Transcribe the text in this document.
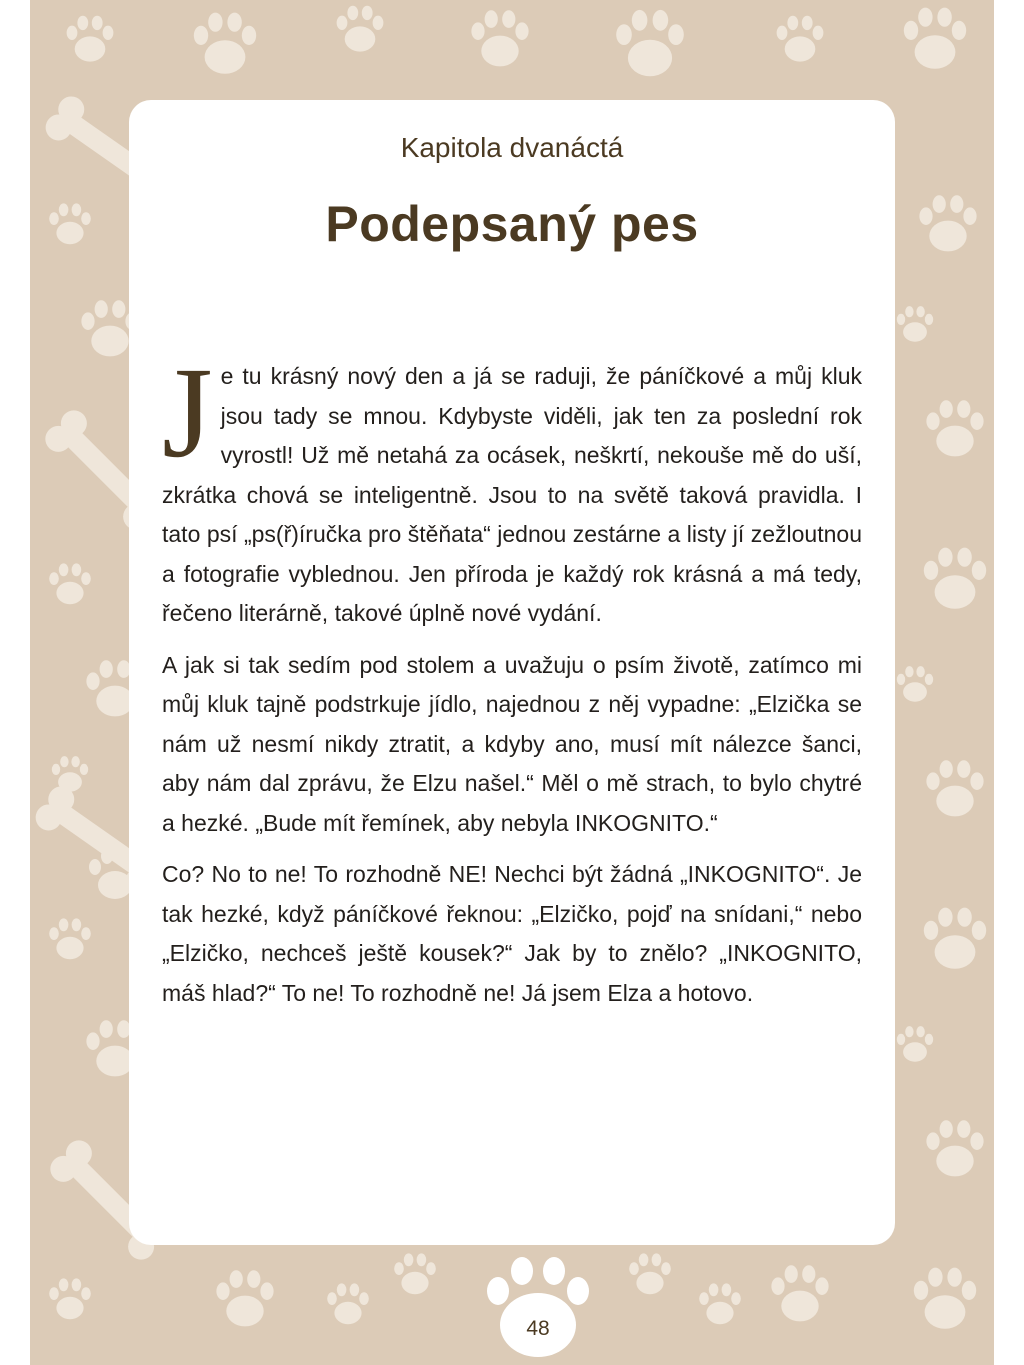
48
Kapitola dvanáctá
Podepsaný pes

Je tu krásný nový den a já se raduji, že páníčkové a můj kluk jsou tady se mnou. Kdybyste viděli, jak ten za poslední rok vyrostl! Už mě netahá za ocásek, neškrtí, nekouše mě do uší, zkrátka chová se inteligentně. Jsou to na světě taková pravidla. I tato psí „ps(ř)íručka pro štěňata“ jednou zestárne a listy jí zežloutnou a fotografie vyblednou. Jen příroda je každý rok krásná a má tedy, řečeno literárně, takové úplně nové vydání.

A jak si tak sedím pod stolem a uvažuju o psím životě, zatímco mi můj kluk tajně podstrkuje jídlo, najednou z něj vypadne: „Elzička se nám už nesmí nikdy ztratit, a kdyby ano, musí mít nálezce šanci, aby nám dal zprávu, že Elzu našel.“ Měl o mě strach, to bylo chytré a hezké. „Bude mít řemínek, aby nebyla INKOGNITO.“

Co? No to ne! To rozhodně NE! Nechci být žádná „INKOGNITO“. Je tak hezké, když páníčkové řeknou: „Elzičko, pojď na snídani,“ nebo „Elzičko, nechceš ještě kousek?“ Jak by to znělo? „INKOGNITO, máš hlad?“ To ne! To rozhodně ne! Já jsem Elza a hotovo.
